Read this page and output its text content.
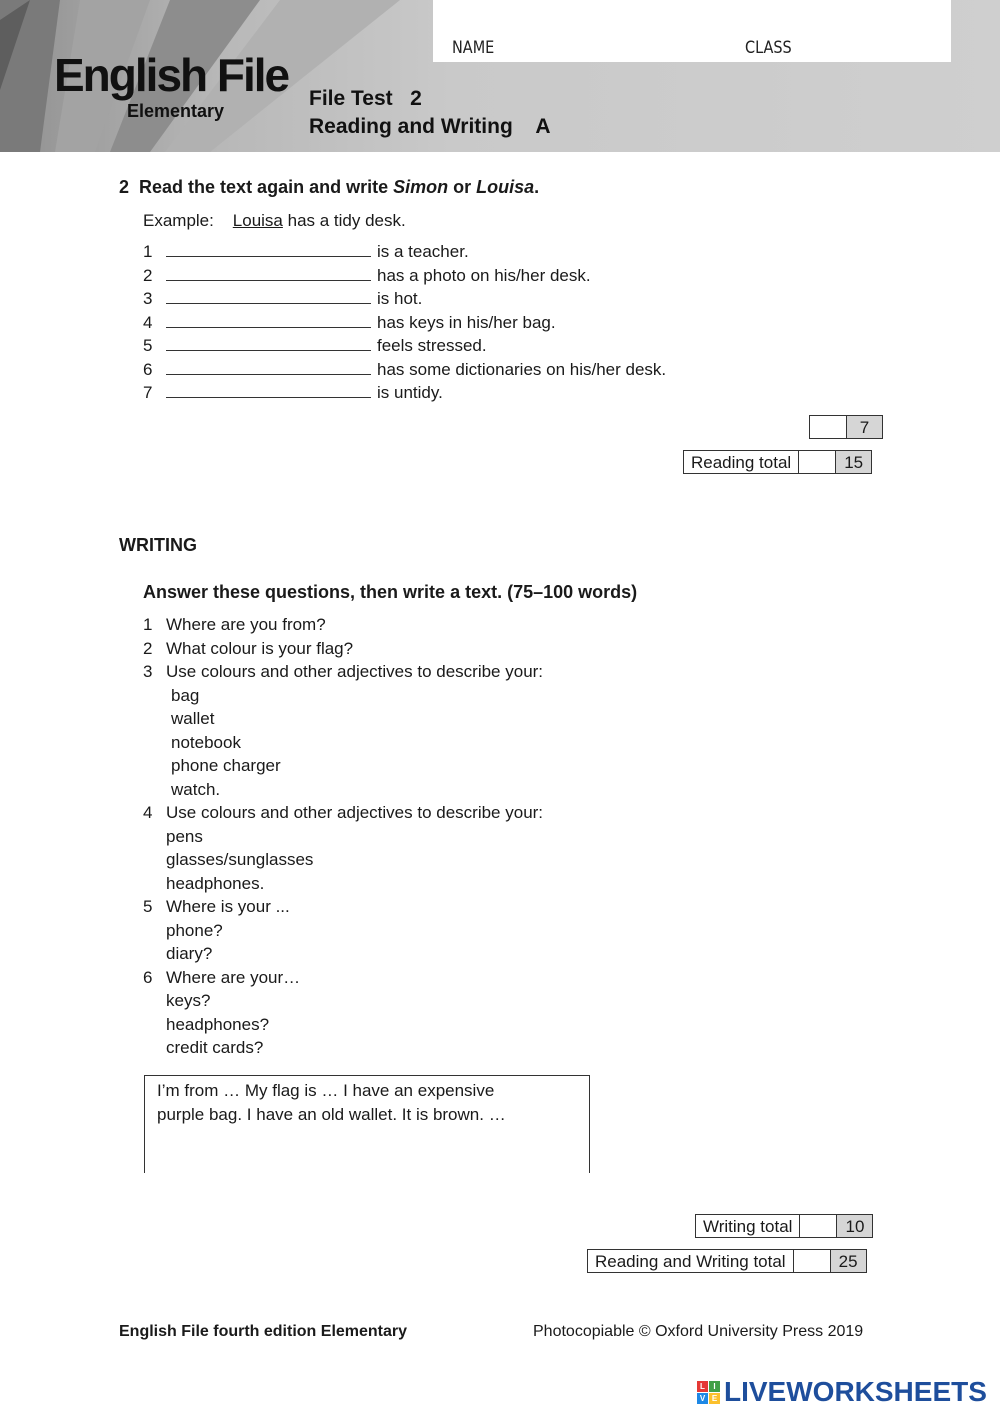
NAME	CLASS
English File
Elementary
File Test   2
Reading and Writing    A
2 Read the text again and write Simon or Louisa.
Example: Louisa has a tidy desk.
1	is a teacher.
2	has a photo on his/her desk.
3	is hot.
4	has keys in his/her bag.
5	feels stressed.
6	has some dictionaries on his/her desk.
7	is untidy.
7
Reading total	15
WRITING
Answer these questions, then write a text. (75–100 words)
1 Where are you from?
2 What colour is your flag?
3 Use colours and other adjectives to describe your:
bag
wallet
notebook
phone charger
watch.
4 Use colours and other adjectives to describe your:
pens
glasses/sunglasses
headphones.
5 Where is your ...
phone?
diary?
6 Where are your…
keys?
headphones?
credit cards?
I’m from … My flag is … I have an expensive
purple bag. I have an old wallet. It is brown. …
Writing total	10
Reading and Writing total	25
English File fourth edition Elementary	Photocopiable © Oxford University Press 2019
L	I
V E LIVEWORKSHEETS
